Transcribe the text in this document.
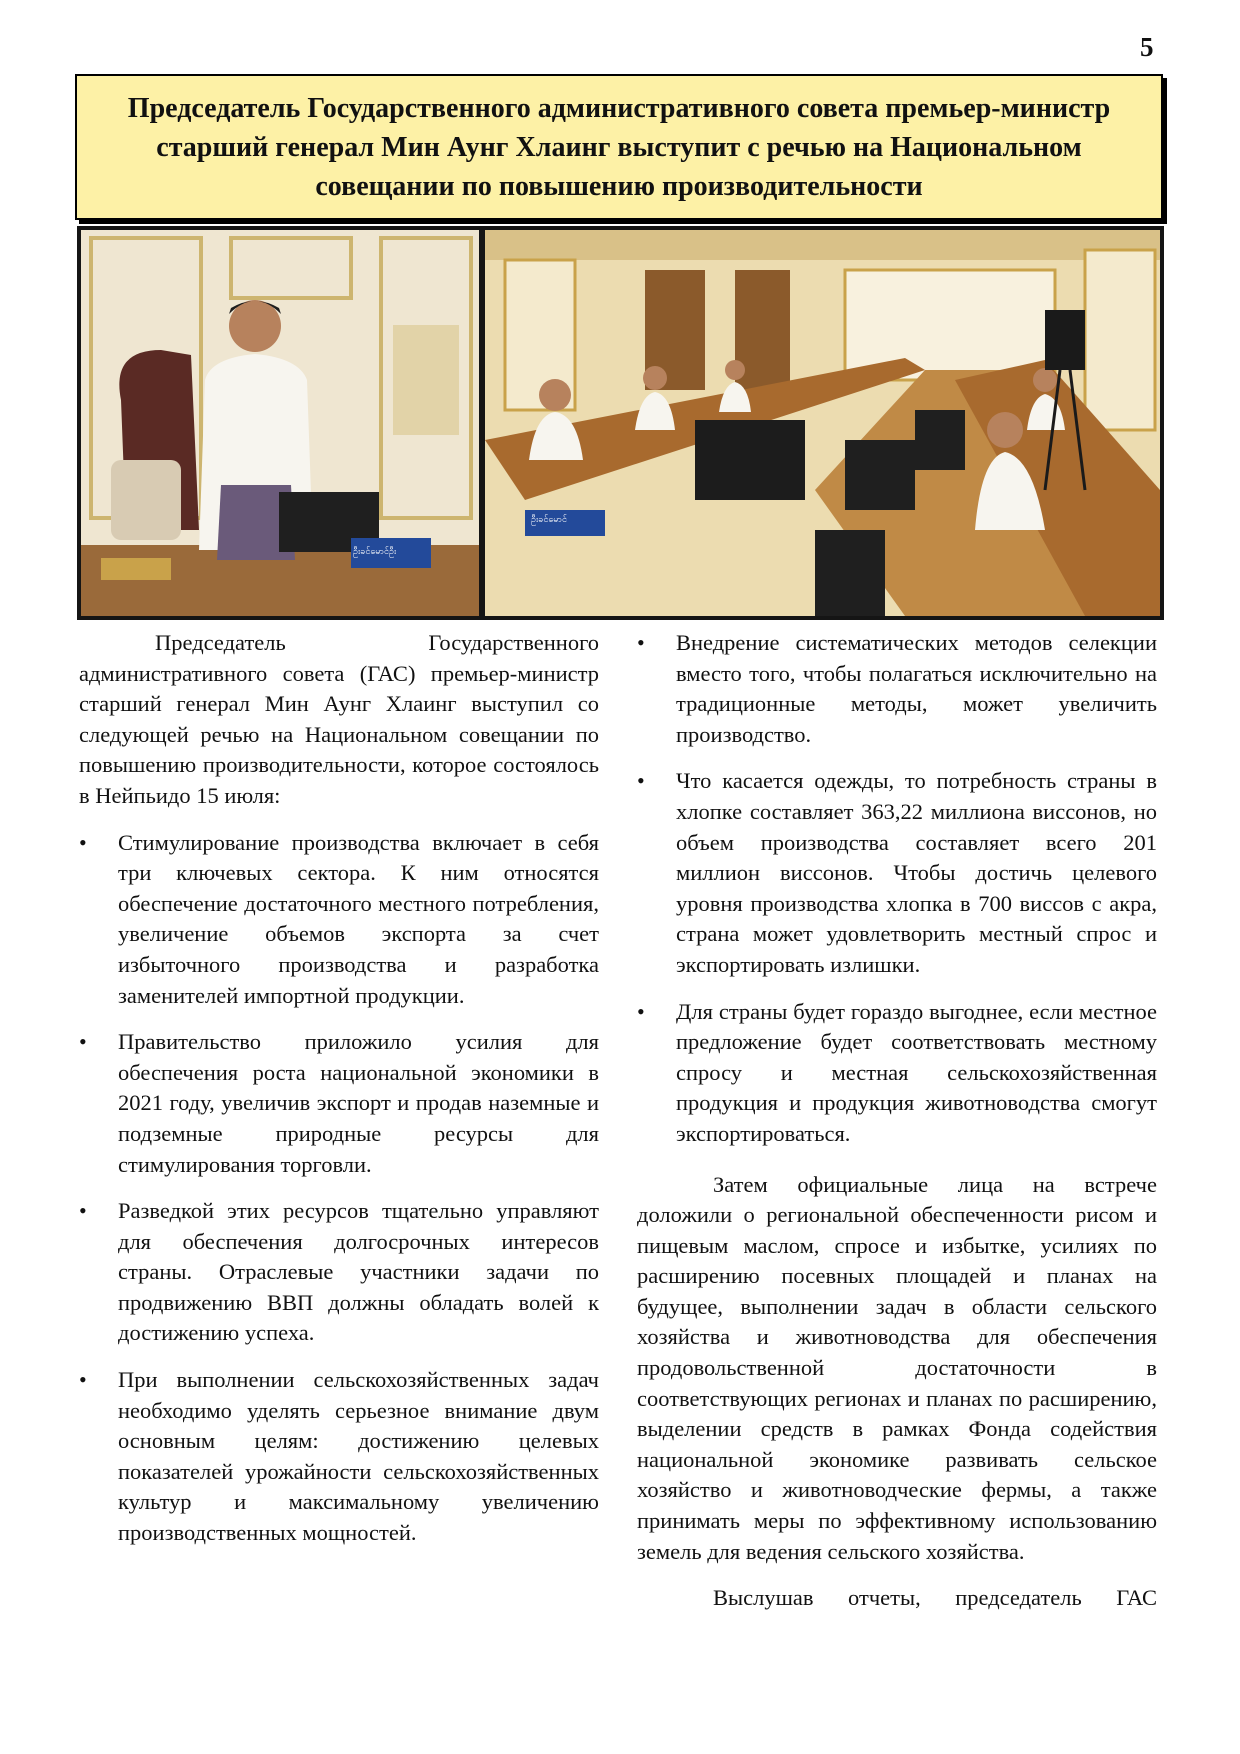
5
Председатель Государственного административного совета премьер-министр старший генерал Мин Аунг Хлаинг выступит с речью на Национальном совещании по повышению производительности
ဦးခင်မောင်ဦး
ဦးခင်မောင်

Председатель Государственного административного совета (ГАС) премьер-министр старший генерал Мин Аунг Хлаинг выступил со следующей речью на Национальном совещании по повышению производительности, которое состоялось в Нейпьидо 15 июля:

• Стимулирование производства включает в себя три ключевых сектора. К ним относятся обеспечение достаточного местного потребления, увеличение объемов экспорта за счет избыточного производства и разработка заменителей импортной продукции.
• Правительство приложило усилия для обеспечения роста национальной экономики в 2021 году, увеличив экспорт и продав наземные и подземные природные ресурсы для стимулирования торговли.
• Разведкой этих ресурсов тщательно управляют для обеспечения долгосрочных интересов страны. Отраслевые участники задачи по продвижению ВВП должны обладать волей к достижению успеха.
• При выполнении сельскохозяйственных задач необходимо уделять серьезное внимание двум основным целям: достижению целевых показателей урожайности сельскохозяйственных культур и максимальному увеличению производственных мощностей.
• Внедрение систематических методов селекции вместо того, чтобы полагаться исключительно на традиционные методы, может увеличить производство.
• Что касается одежды, то потребность страны в хлопке составляет 363,22 миллиона виссонов, но объем производства составляет всего 201 миллион виссонов. Чтобы достичь целевого уровня производства хлопка в 700 виссов с акра, страна может удовлетворить местный спрос и экспортировать излишки.
• Для страны будет гораздо выгоднее, если местное предложение будет соответствовать местному спросу и местная сельскохозяйственная продукция и продукция животноводства смогут экспортироваться.

Затем официальные лица на встрече доложили о региональной обеспеченности рисом и пищевым маслом, спросе и избытке, усилиях по расширению посевных площадей и планах на будущее, выполнении задач в области сельского хозяйства и животноводства для обеспечения продовольственной достаточности в соответствующих регионах и планах по расширению, выделении средств в рамках Фонда содействия национальной экономике развивать сельское хозяйство и животноводческие фермы, а также принимать меры по эффективному использованию земель для ведения сельского хозяйства.

Выслушав отчеты, председатель ГАС
